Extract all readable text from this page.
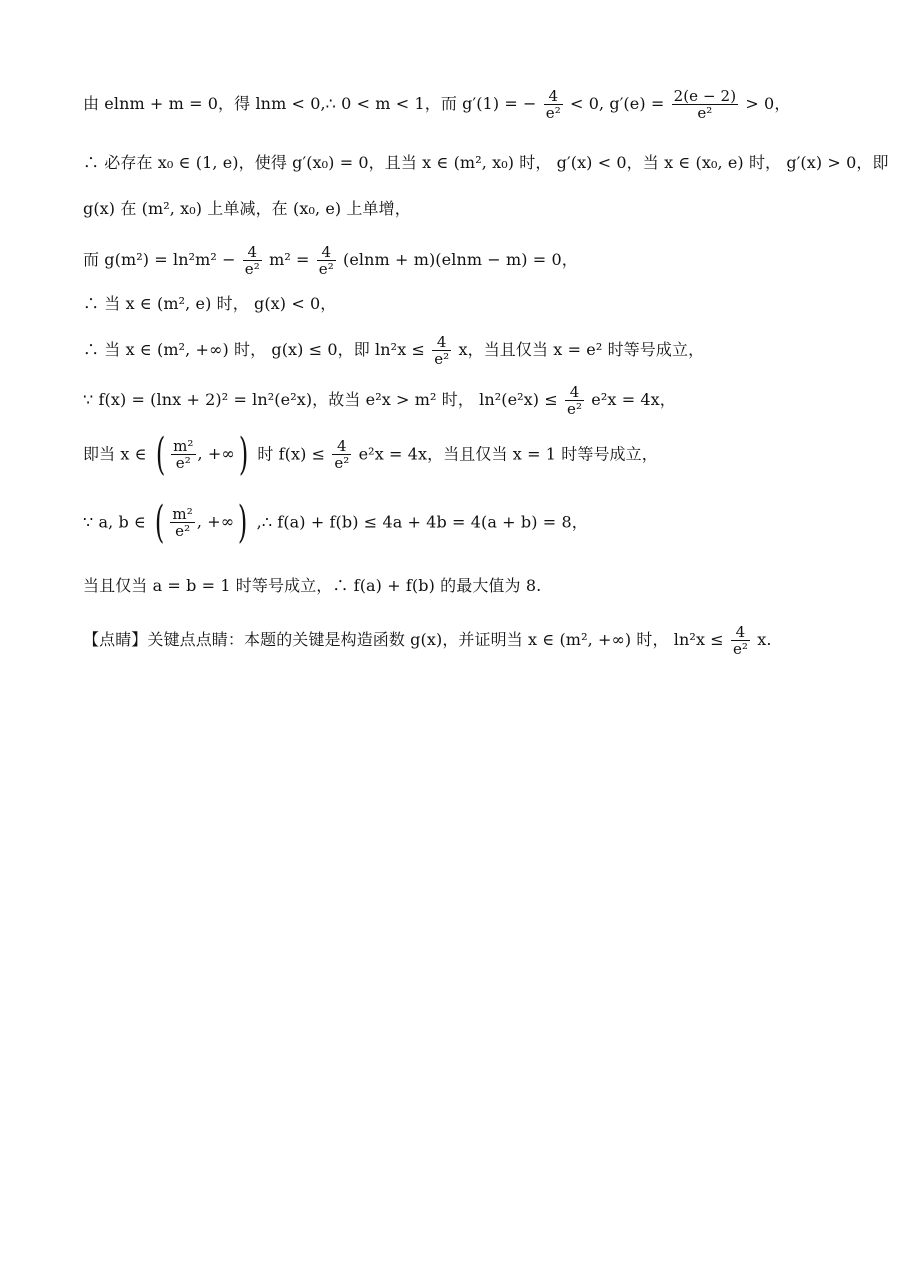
由 elnm + m = 0，得 lnm < 0,∴ 0 < m < 1，而 g′(1) = − $\frac{4}{\text{e²}} < 0$, $g'(e) = \frac{2(e - 2)}{\text{e²}} > 0$，
∴ 必存在 x₀ ∈ (1, e)，使得 g′(x₀) = 0，且当 x ∈ (m², x₀) 时， g′(x) < 0，当 x ∈ (x₀, e) 时， g′(x) > 0，即
g(x) 在 (m², x₀) 上单减，在 (x₀, e) 上单增，
而 $g(m^2) = \ln^2m^2 - \frac{4}{\text{e²}} m^2 = \frac{4}{\text{e²}} (elnm + m)(elnm - m) = 0$，
∴ 当 x ∈ (m², e) 时， g(x) < 0，
∴ 当 x ∈ (m², +∞) 时， g(x) ≤ 0，即 $\ln^2x \le \frac{4}{\text{e²}}$ x，当且仅当 x = e² 时等号成立，
∵ f(x) = (lnx + 2)² = ln²(e²x)，故当 e²x > m² 时， $\ln^2(e^2x) \le \frac{4}{\text{e²}} e^2x = 4x$，
即当 x ∈ ( $\frac{\text{m²}}{\text{e²}}$ , +∞) 时 $f(x) \le \frac{4}{\text{e²}} e^2x = 4x$，当且仅当 x = 1 时等号成立，
∵ a, b ∈ ( $\frac{\text{m²}}{\text{e²}}$ , +∞) ,∴ f(a) + f(b) ≤ 4a + 4b = 4(a + b) = 8，
当且仅当 a = b = 1 时等号成立，∴ f(a) + f(b) 的最大值为 8.
【点睛】关键点点睛：本题的关键是构造函数 g(x)，并证明当 x ∈ (m², +∞) 时， $\ln^2x \le \frac{4}{\text{e²}} x$.
